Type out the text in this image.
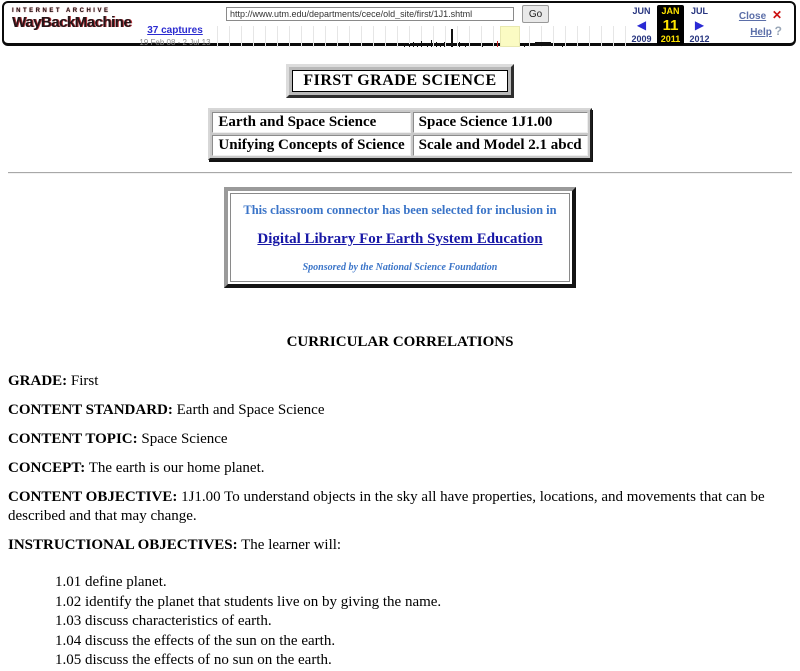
INTERNET ARCHIVE
WayBackMachine	37 captures
19 Feb 08 - 2 Jul 13
http://www.utm.edu/departments/cece/old_site/first/1J1.shtml
Go	JUN
◀
2009
JAN
11
2011
JUL
▶
2012
Close ✕
Help ?
FIRST GRADE SCIENCE
Earth and Space Science	Space Science 1J1.00
Unifying Concepts of Science	Scale and Model 2.1 abcd
This classroom connector has been selected for inclusion in
Digital Library For Earth System Education
Sponsored by the National Science Foundation
CURRICULAR CORRELATIONS

GRADE: First

CONTENT STANDARD: Earth and Space Science

CONTENT TOPIC: Space Science

CONCEPT: The earth is our home planet.

CONTENT OBJECTIVE: 1J1.00 To understand objects in the sky all have properties, locations, and movements that can be described and that may change.

INSTRUCTIONAL OBJECTIVES: The learner will:

1.01 define planet.
1.02 identify the planet that students live on by giving the name.
1.03 discuss characteristics of earth.
1.04 discuss the effects of the sun on the earth.
1.05 discuss the effects of no sun on the earth.
